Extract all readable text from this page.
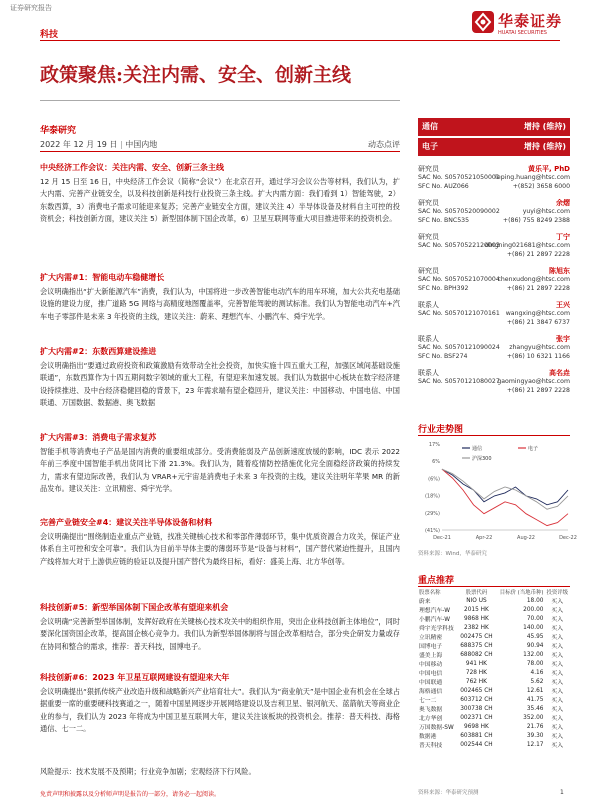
证券研究报告
科技
华泰证券
HUATAI SECURITIES
政策聚焦:关注内需、安全、创新主线
华泰研究
2022 年 12 月 19 日 | 中国内地	动态点评
中央经济工作会议：关注内需、安全、创新三条主线
12 月 15 日至 16 日，中央经济工作会议（简称“会议”）在北京召开，通过学习会议公告等材料，我们认为，扩大内需、完善产业链安全，以及科技创新是科技行业投资三条主线。扩大内需方面：我们看到 1）智能驾驶，2）东数西算，3）消费电子需求可能迎来复苏；完善产业链安全方面，建议关注 4）半导体设备及材料自主可控的投资机会；科技创新方面，建议关注 5）新型国体制下国企改革，6）卫星互联网等重大项目推进带来的投资机会。
扩大内需#1：智能电动车稳健增长
会议明确指出“扩大新能源汽车”消费，我们认为，中国将进一步改善智能电动汽车的用车环境，加大公共充电基础设施的建设力度，推广道路 5G 网络与高精度地图覆盖率，完善智能驾驶的测试标准。我们认为智能电动汽车+汽车电子零部件是未来 3 年投资的主线，建议关注：蔚来、理想汽车、小鹏汽车、舜宇光学。
扩大内需#2：东数西算建设推进
会议明确指出“要通过政府投资和政策激励有效带动全社会投资，加快实施十四五重大工程，加强区域间基础设施联通”，东数西算作为十四五期间数字领域的重大工程，有望迎来加速发展。我们认为数据中心板块在数字经济建设持续推进、及中台经济稳健回稳的背景下，23 年需求端有望企稳回升，建议关注：中国移动、中国电信、中国联通、万国数据、数据港、奥飞数据
扩大内需#3：消费电子需求复苏
智能手机等消费电子产品是国内消费的重要组成部分。受消费能弱及产品创新速度放缓的影响，IDC 表示 2022 年前三季度中国智能手机出货同比下滑 21.3%。我们认为，随着疫情防控措施优化完全面稳经济政策的持续发力，需求有望边际改善，我们认为 VRAR+元宇宙是消费电子未来 3 年投资的主线，建议关注明年苹果 MR 的新品发布。建议关注：立讯精密、舜宇光学。
完善产业链安全#4：建议关注半导体设备和材料
会议明确提出“围绕制造业重点产业链，找准关键核心技术和零部件薄弱环节，集中优质资源合力攻关，保证产业体系自主可控和安全可靠”。我们认为目前半导体主要的薄弱环节是“设备与材料”，国产替代紧迫性提升，且国内产线将加大对于上游供应链的验证以及提升国产替代为最终目标，看好：盛美上海、北方华创等。
科技创新#5：新型举国体制下国企改革有望迎来机会
会议明确“完善新型举国体制，发挥好政府在关键核心技术攻关中的组织作用，突出企业科技创新主体地位”，同时要深化国资国企改革，提高国企核心竞争力。我们认为新型举国体制将与国企改革相结合，部分央企研发力量或存在协同和整合的需求，推荐：普天科技，国博电子。
科技创新#6：2023 年卫星互联网建设有望迎来大年
会议明确提出“狠抓传统产业改造升级和战略新兴产业培育壮大”。我们认为“商业航天”是中国企业有机会在全球占据重要一席的重要硬科技赛道之一，随着中国星网逐步开展网络建设以及吉利卫星、银河航天、蓝箭航天等商业企业的参与，我们认为 2023 年将成为中国卫星互联网大年，建议关注该板块的投资机会。推荐：普天科技、海格通信、七一二。
风险提示：技术发展不及预期；行业竞争加剧；宏观经济下行风险。
通信	增持 (维持)
电子	增持 (维持)
研究员	黄乐平, PhD
SAC No. S0570521050001
leping.huang@htsc.com
SFC No. AUZ066	+(852) 3658 6000
研究员	余熠
SAC No. S0570520090002	yuyi@htsc.com
SFC No. BNC535	+(86) 755 8249 2388
研究员	丁宁
SAC No. S0570522120003
dingning021681@htsc.com
+(86) 21 2897 2228
研究员	陈旭东
SAC No. S0570521070004
chenxudong@htsc.com
SFC No. BPH392	+(86) 21 2897 2228
联系人	王兴
SAC No. S0570121070161 wangxing@htsc.com
+(86) 21 3847 6737
联系人	张宇
SAC No. S0570121090024 zhangyu@htsc.com
SFC No. BSF274	+(86) 10 6321 1166
联系人	高名垚
SAC No. S0570121080027
gaomingyao@htsc.com
+(86) 21 2897 2228
行业走势图
17%
6%
(6%)
(18%)
(29%)
(41%)
Dec-21	Apr-22	Aug-22	Dec-22
通信	电子
沪深300
资料来源：Wind，华泰研究
重点推荐
股票名称	股票代码	目标价 (当地币种)	投资评级
蔚来	NIO US	18.00	买入
理想汽车-W	2015 HK	200.00	买入
小鹏汽车-W	9868 HK	70.00	买入
舜宇光学科技	2382 HK	140.00	买入
立讯精密	002475 CH	45.95	买入
国博电子	688375 CH	90.94	买入
盛美上海	688082 CH	132.00	买入
中国移动	941 HK	78.00	买入
中国电信	728 HK	4.16	买入
中国联通	762 HK	5.62	买入
海格通信	002465 CH	12.61	买入
七一二	603712 CH	41.75	买入
奥飞数据	300738 CH	35.46	买入
北方华创	002371 CH	352.00	买入
万国数据-SW	9698 HK	21.76	买入
数据港	603881 CH	39.30	买入
普天科技	002544 CH	12.17	买入
资料来源：华泰研究预测
免责声明和披露以及分析师声明是报告的一部分，请务必一起阅读。	1
